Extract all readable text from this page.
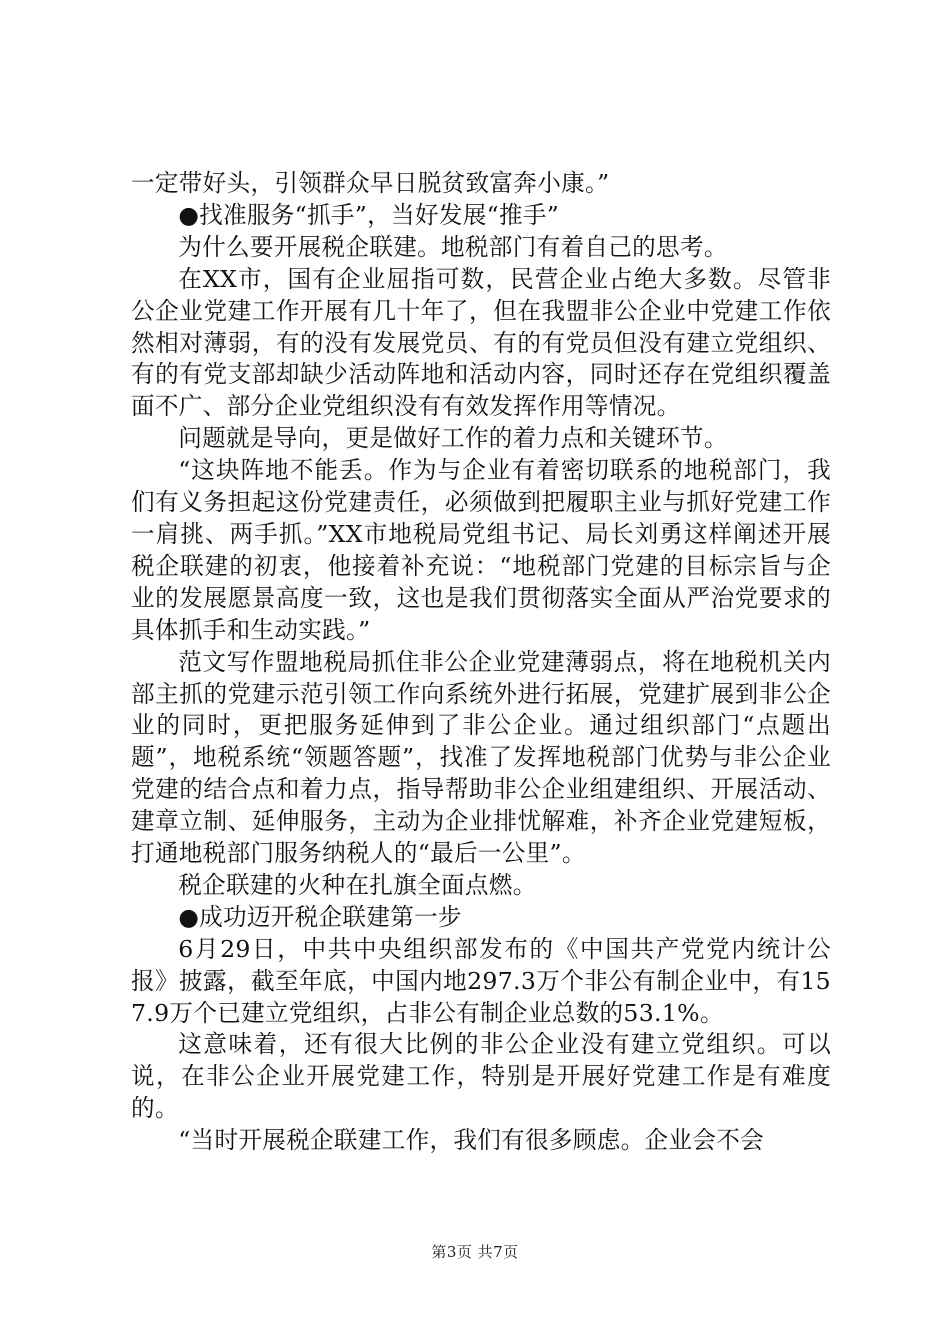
一定带好头，引领群众早日脱贫致富奔小康。”

●找准服务“抓手”，当好发展“推手”

为什么要开展税企联建。地税部门有着自己的思考。

在XX市，国有企业屈指可数，民营企业占绝大多数。尽管非公企业党建工作开展有几十年了，但在我盟非公企业中党建工作依然相对薄弱，有的没有发展党员、有的有党员但没有建立党组织、有的有党支部却缺少活动阵地和活动内容，同时还存在党组织覆盖面不广、部分企业党组织没有有效发挥作用等情况。

问题就是导向，更是做好工作的着力点和关键环节。

“这块阵地不能丢。作为与企业有着密切联系的地税部门，我们有义务担起这份党建责任，必须做到把履职主业与抓好党建工作一肩挑、两手抓。”XX市地税局党组书记、局长刘勇这样阐述开展税企联建的初衷，他接着补充说：“地税部门党建的目标宗旨与企业的发展愿景高度一致，这也是我们贯彻落实全面从严治党要求的具体抓手和生动实践。”

范文写作盟地税局抓住非公企业党建薄弱点，将在地税机关内部主抓的党建示范引领工作向系统外进行拓展，党建扩展到非公企业的同时，更把服务延伸到了非公企业。通过组织部门“点题出题”，地税系统“领题答题”，找准了发挥地税部门优势与非公企业党建的结合点和着力点，指导帮助非公企业组建组织、开展活动、建章立制、延伸服务，主动为企业排忧解难，补齐企业党建短板，打通地税部门服务纳税人的“最后一公里”。

税企联建的火种在扎旗全面点燃。

●成功迈开税企联建第一步

6月29日，中共中央组织部发布的《中国共产党党内统计公报》披露，截至年底，中国内地297.3万个非公有制企业中，有157.9万个已建立党组织，占非公有制企业总数的53.1%。

这意味着，还有很大比例的非公企业没有建立党组织。可以说，在非公企业开展党建工作，特别是开展好党建工作是有难度的。

“当时开展税企联建工作，我们有很多顾虑。企业会不会

第3页 共7页
